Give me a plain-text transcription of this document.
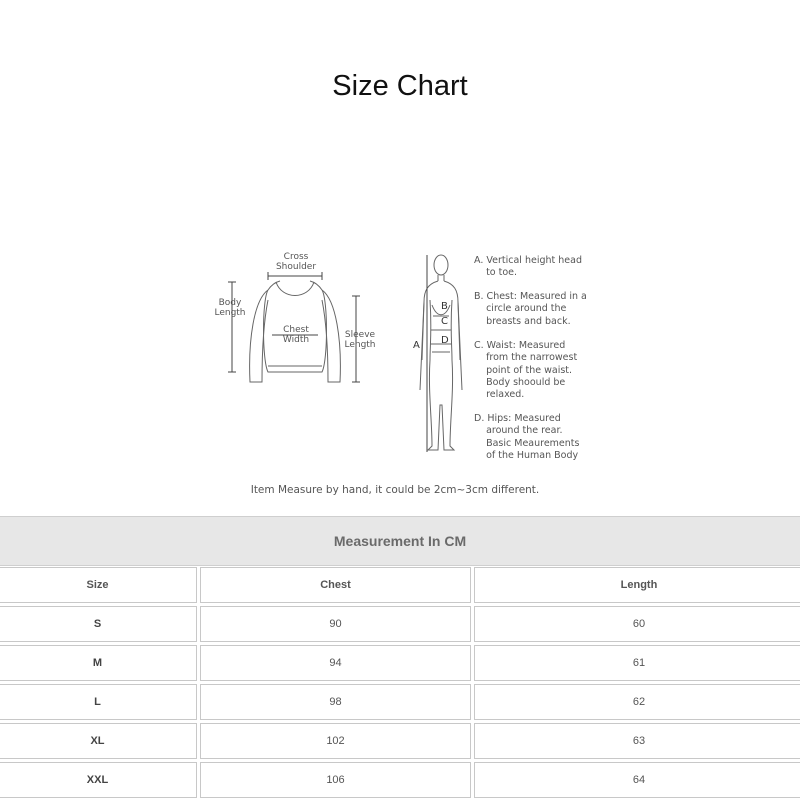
Size Chart
Cross
Shoulder
Body
Length
Chest
Width	Sleeve
Length	A
B
C
D
A. Vertical height head
to toe.
B. Chest: Measured in a
circle around the
breasts and back.
C. Waist: Measured
from the narrowest
point of the waist.
Body shoould be
relaxed.
D. Hips: Measured
around the rear.
Basic Meaurements
of the Human Body
Item Measure by hand, it could be 2cm~3cm different.
Measurement In CM
Size	Chest	Length
S	90	60
M	94	61
L	98	62
XL	102	63
XXL	106	64
